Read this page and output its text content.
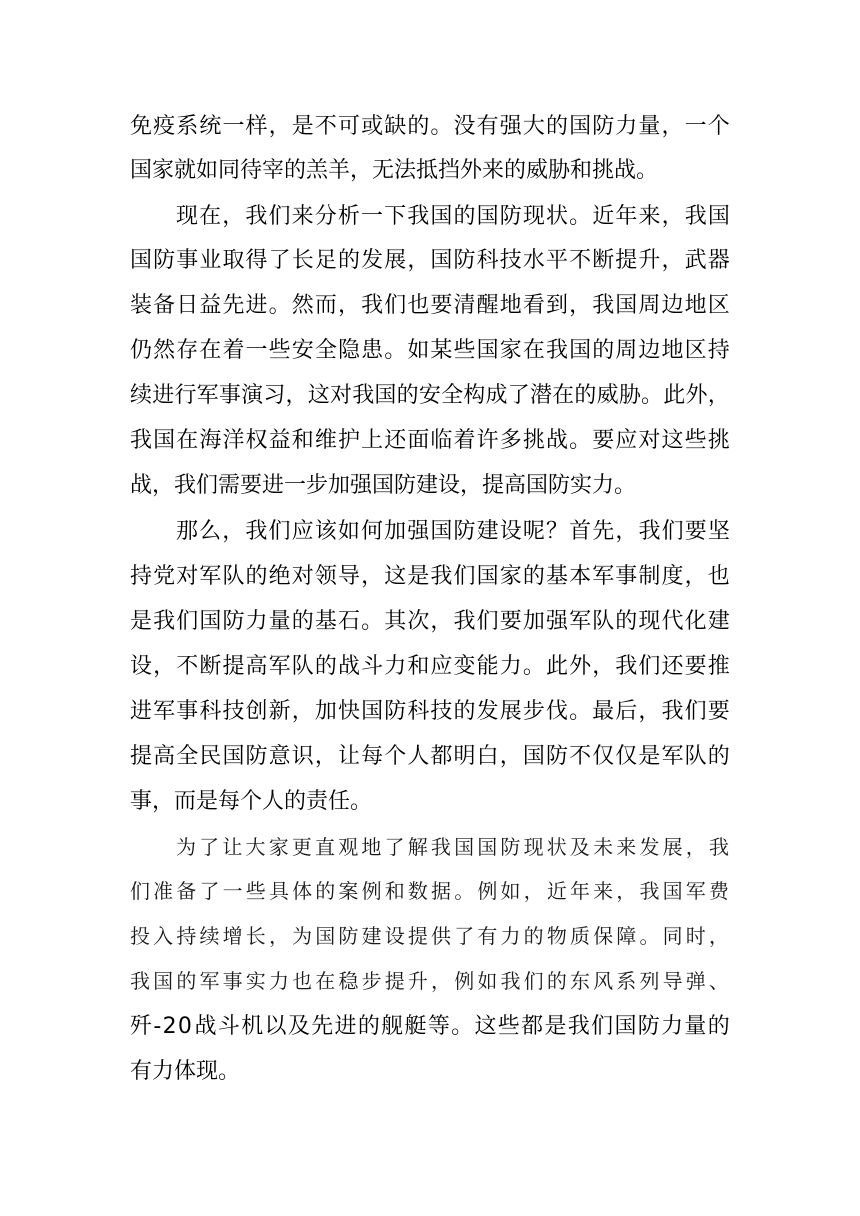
免 疫 系 统 一 样 ， 是 不 可 或 缺 的 。 没 有 强 大 的 国 防 力 量 ， 一 个
国家就如同待宰的羔羊，无法抵挡外来的威胁和挑战。
现 在 ， 我 们 来 分 析 一 下 我 国 的 国 防 现 状 。 近 年 来 ， 我 国
国 防 事 业 取 得 了 长 足 的 发 展 ， 国 防 科 技 水 平 不 断 提 升 ， 武 器
装 备 日 益 先 进 。 然 而 ， 我 们 也 要 清 醒 地 看 到 ， 我 国 周 边 地 区
仍 然 存 在 着 一 些 安 全 隐 患 。 如 某 些 国 家 在 我 国 的 周 边 地 区 持
续 进 行 军 事 演 习 ， 这 对 我 国 的 安 全 构 成 了 潜 在 的 威 胁 。 此 外 ，
我 国 在 海 洋 权 益 和 维 护 上 还 面 临 着 许 多 挑 战 。 要 应 对 这 些 挑
战，我们需要进一步加强国防建设，提高国防实力。
那 么 ， 我 们 应 该 如 何 加 强 国 防 建 设 呢 ？ 首 先 ， 我 们 要 坚
持 党 对 军 队 的 绝 对 领 导 ， 这 是 我 们 国 家 的 基 本 军 事 制 度 ， 也
是 我 们 国 防 力 量 的 基 石 。 其 次 ， 我 们 要 加 强 军 队 的 现 代 化 建
设 ， 不 断 提 高 军 队 的 战 斗 力 和 应 变 能 力 。 此 外 ， 我 们 还 要 推
进 军 事 科 技 创 新 ， 加 快 国 防 科 技 的 发 展 步 伐 。 最 后 ， 我 们 要
提 高 全 民 国 防 意 识 ， 让 每 个 人 都 明 白 ， 国 防 不 仅 仅 是 军 队 的
事，而是每个人的责任。
为 了 让 大 家 更 直 观 地 了 解 我 国 国 防 现 状 及 未 来 发 展 ， 我
们 准 备 了 一 些 具 体 的 案 例 和 数 据 。 例 如 ， 近 年 来 ， 我 国 军 费
投 入 持 续 增 长 ， 为 国 防 建 设 提 供 了 有 力 的 物 质 保 障 。 同 时 ，
我 国 的 军 事 实 力 也 在 稳 步 提 升 ， 例 如 我 们 的 东 风 系 列 导 弹 、
歼 - 2 0 战 斗 机 以 及 先 进 的 舰 艇 等 。 这 些 都 是 我 们 国 防 力 量 的
有力体现。
